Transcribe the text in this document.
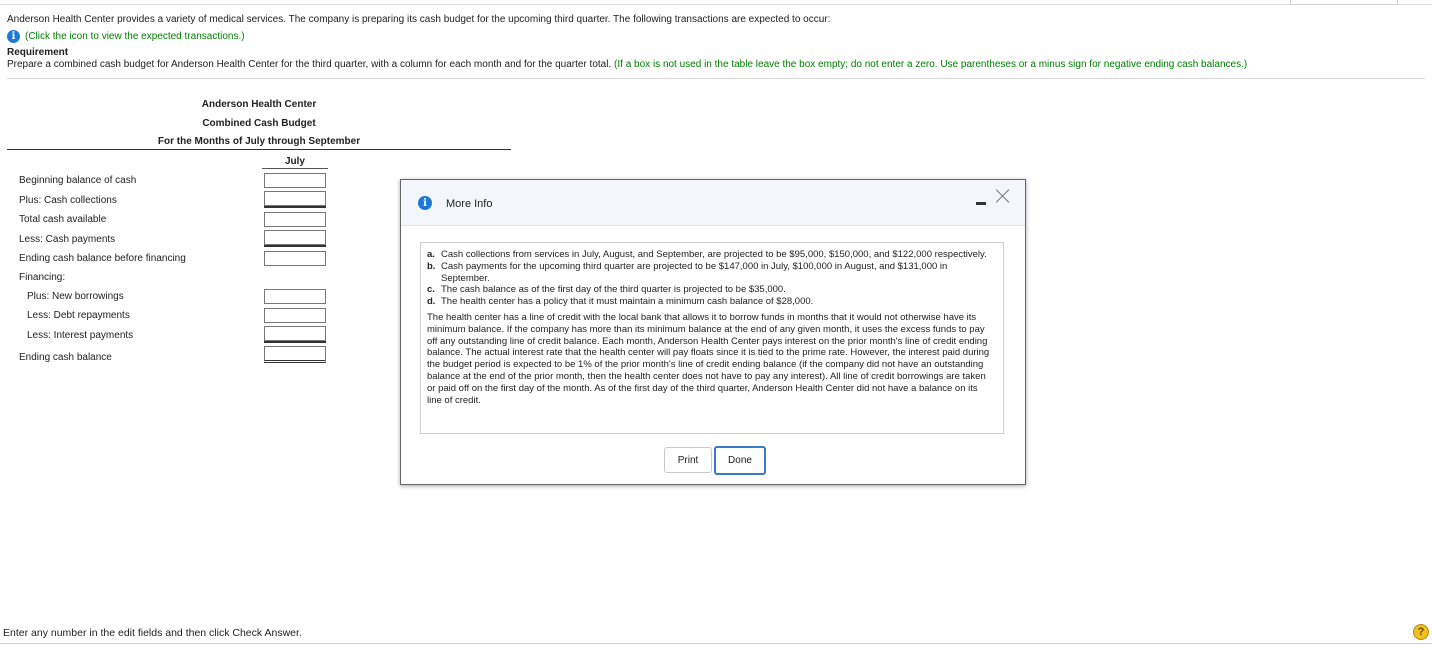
Anderson Health Center provides a variety of medical services. The company is preparing its cash budget for the upcoming third quarter. The following transactions are expected to occur:
i (Click the icon to view the expected transactions.)
Requirement
Prepare a combined cash budget for Anderson Health Center for the third quarter, with a column for each month and for the quarter total. (If a box is not used in the table leave the box empty; do not enter a zero. Use parentheses or a minus sign for negative ending cash balances.)
Anderson Health Center
Combined Cash Budget
For the Months of July through September
July
Beginning balance of cash
Plus: Cash collections
Total cash available
Less: Cash payments
Ending cash balance before financing
Financing:
Plus: New borrowings
Less: Debt repayments
Less: Interest payments
Ending cash balance
i	More Info
a. Cash collections from services in July, August, and September, are projected to be $95,000, $150,000, and $122,000 respectively.
b. Cash payments for the upcoming third quarter are projected to be $147,000 in July, $100,000 in August, and $131,000 in September.
c. The cash balance as of the first day of the third quarter is projected to be $35,000.
d. The health center has a policy that it must maintain a minimum cash balance of $28,000.
The health center has a line of credit with the local bank that allows it to borrow funds in months that it would not otherwise have its minimum balance. If the company has more than its minimum balance at the end of any given month, it uses the excess funds to pay off any outstanding line of credit balance. Each month, Anderson Health Center pays interest on the prior month's line of credit ending balance. The actual interest rate that the health center will pay floats since it is tied to the prime rate. However, the interest paid during the budget period is expected to be 1% of the prior month's line of credit ending balance (if the company did not have an outstanding balance at the end of the prior month, then the health center does not have to pay any interest). All line of credit borrowings are taken or paid off on the first day of the month. As of the first day of the third quarter, Anderson Health Center did not have a balance on its line of credit.
Print	Done
Enter any number in the edit fields and then click Check Answer.	?
